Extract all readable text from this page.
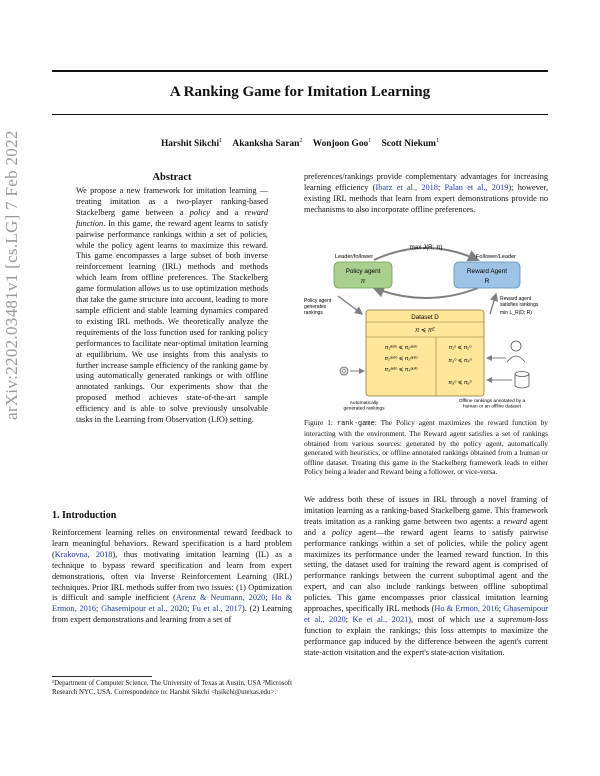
arXiv:2202.03481v1 [cs.LG] 7 Feb 2022
A Ranking Game for Imitation Learning
Harshit Sikchi$^1$ Akanksha Saran$^2$ Wonjoon Goo$^1$ Scott Niekum$^1$
Abstract

We propose a new framework for imitation learning — treating imitation as a two-player ranking-based Stackelberg game between a policy and a reward function. In this game, the reward agent learns to satisfy pairwise performance rankings within a set of policies, while the policy agent learns to maximize this reward. This game encompasses a large subset of both inverse reinforcement learning (IRL) methods and methods which learn from offline preferences. The Stackelberg game formulation allows us to use optimization methods that take the game structure into account, leading to more sample efficient and stable learning dynamics compared to existing IRL methods. We theoretically analyze the requirements of the loss function used for ranking policy performances to facilitate near-optimal imitation learning at equilibrium. We use insights from this analysis to further increase sample efficiency of the ranking game by using automatically generated rankings or with offline annotated rankings. Our experiments show that the proposed method achieves state-of-the-art sample efficiency and is able to solve previously unsolvable tasks in the Learning from Observation (LfO) setting.

1. Introduction

Reinforcement learning relies on environmental reward feedback to learn meaningful behaviors. Reward specification is a hard problem (Krakovna, 2018), thus motivating imitation learning (IL) as a technique to bypass reward specification and learn from expert demonstrations, often via Inverse Reinforcement Learning (IRL) techniques. Prior IRL methods suffer from two issues: (1) Optimization is difficult and sample inefficient (Arenz & Neumann, 2020; Ho & Ermon, 2016; Ghasemipour et al., 2020; Fu et al., 2017). (2) Learning from expert demonstrations and learning from a set of

¹Department of Computer Science, The University of Texas at Austin, USA ²Microsoft Research NYC, USA. Correspondence to: Harshit Sikchi <hsikchi@utexas.edu>.

preferences/rankings provide complementary advantages for increasing learning efficiency (Ibarz et al., 2018; Palan et al., 2019); however, existing IRL methods that learn from expert demonstrations provide no mechanisms to also incorporate offline preferences.

max J(R; π)
Leader/follower	Follower/Leader
Policy agent
π
Reward Agent
R
Policy agent generates rankings
Reward agent satisfies rankings
min L_R(D; R)
Dataset D
π ≼ πᴱ
π₁ᵃᵘᵗᵒ ≼ π₂ᵃᵘᵗᵒ
π₂ᵃᵘᵗᵒ ≼ π₃ᵃᵘᵗᵒ
π₃ᵃᵘᵗᵒ ≼ π₄ᵃᵘᵗᵒ
π₁ᵒ ≼ π₂ᵒ
π₃ᵒ ≼ π₄ᵒ
π₅ᵒ ≼ π₆ᵒ
Automatically generated rankings
Offline rankings annotated by a human or an offline dataset
Figure 1: rank-game: The Policy agent maximizes the reward function by interacting with the environment. The Reward agent satisfies a set of rankings obtained from various sources: generated by the policy agent, automatically generated with heuristics, or offline annotated rankings obtained from a human or offline dataset. Treating this game in the Stackelberg framework leads to either Policy being a leader and Reward being a follower, or vice-versa.

We address both these of issues in IRL through a novel framing of imitation learning as a ranking-based Stackelberg game. This framework treats imitation as a ranking game between two agents: a reward agent and a policy agent—the reward agent learns to satisfy pairwise performance rankings within a set of policies, while the policy agent maximizes its performance under the learned reward function. In this setting, the dataset used for training the reward agent is comprised of performance rankings between the current suboptimal agent and the expert, and can also include rankings between offline suboptimal policies. This game encompasses prior classical imitation learning approaches, specifically IRL methods (Ho & Ermon, 2016; Ghasemipour et al., 2020; Ke et al., 2021), most of which use a supremum-loss function to explain the rankings; this loss attempts to maximize the performance gap induced by the difference between the agent's current state-action visitation and the expert's state-action visitation.
